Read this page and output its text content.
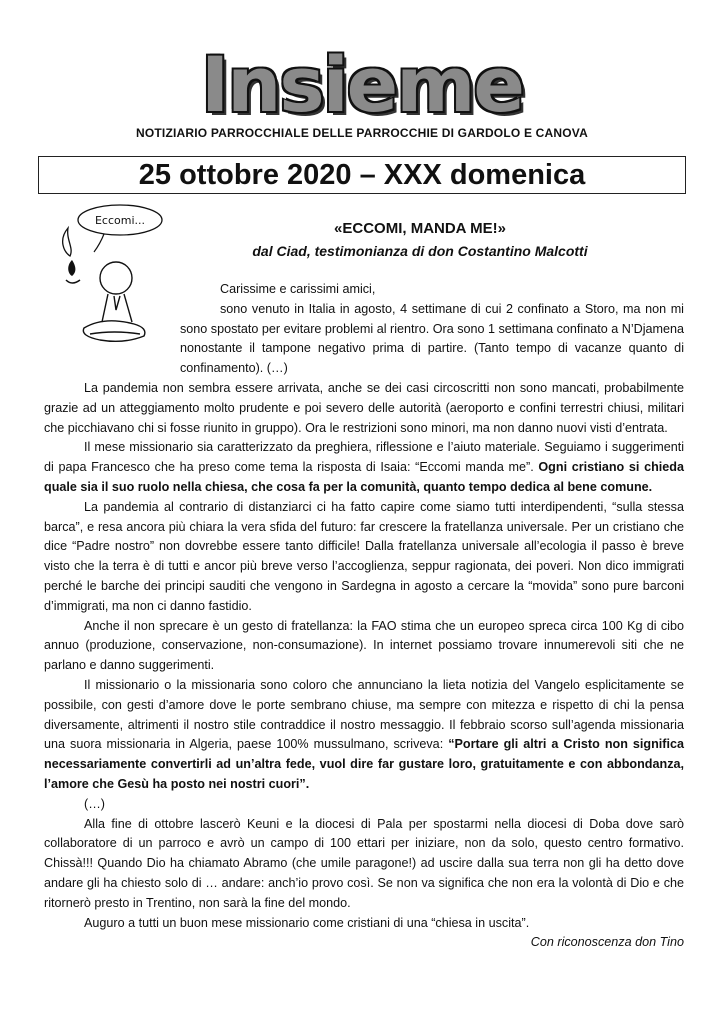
Insieme
NOTIZIARIO PARROCCHIALE DELLE PARROCCHIE DI GARDOLO E CANOVA
25 ottobre 2020 – XXX domenica
Eccomi...	«ECCOMI, MANDA ME!»
dal Ciad, testimonianza di don Costantino Malcotti

Carissime e carissimi amici,

sono venuto in Italia in agosto, 4 settimane di cui 2 confinato a Storo, ma non mi sono spostato per evitare problemi al rientro. Ora sono 1 settimana confinato a N’Djamena nonostante il tampone negativo prima di partire. (Tanto tempo di vacanze quanto di confinamento). (…)

La pandemia non sembra essere arrivata, anche se dei casi circoscritti non sono mancati, probabilmente grazie ad un atteggiamento molto prudente e poi severo delle autorità (aeroporto e confini terrestri chiusi, militari che picchiavano chi si fosse riunito in gruppo). Ora le restrizioni sono minori, ma non danno nuovi visti d’entrata.

Il mese missionario sia caratterizzato da preghiera, riflessione e l’aiuto materiale. Seguiamo i suggerimenti di papa Francesco che ha preso come tema la risposta di Isaia: “Eccomi manda me”. Ogni cristiano si chieda quale sia il suo ruolo nella chiesa, che cosa fa per la comunità, quanto tempo dedica al bene comune.

La pandemia al contrario di distanziarci ci ha fatto capire come siamo tutti interdipendenti, “sulla stessa barca”, e resa ancora più chiara la vera sfida del futuro: far crescere la fratellanza universale. Per un cristiano che dice “Padre nostro” non dovrebbe essere tanto difficile! Dalla fratellanza universale all’ecologia il passo è breve visto che la terra è di tutti e ancor più breve verso l’accoglienza, seppur ragionata, dei poveri. Non dico immigrati perché le barche dei principi sauditi che vengono in Sardegna in agosto a cercare la “movida” sono pure barconi d’immigrati, ma non ci danno fastidio.

Anche il non sprecare è un gesto di fratellanza: la FAO stima che un europeo spreca circa 100 Kg di cibo annuo (produzione, conservazione, non-consumazione). In internet possiamo trovare innumerevoli siti che ne parlano e danno suggerimenti.

Il missionario o la missionaria sono coloro che annunciano la lieta notizia del Vangelo esplicitamente se possibile, con gesti d’amore dove le porte sembrano chiuse, ma sempre con mitezza e rispetto di chi la pensa diversamente, altrimenti il nostro stile contraddice il nostro messaggio. Il febbraio scorso sull’agenda missionaria una suora missionaria in Algeria, paese 100% mussulmano, scriveva: “Portare gli altri a Cristo non significa necessariamente convertirli ad un’altra fede, vuol dire far gustare loro, gratuitamente e con abbondanza, l’amore che Gesù ha posto nei nostri cuori”.

(…)

Alla fine di ottobre lascerò Keuni e la diocesi di Pala per spostarmi nella diocesi di Doba dove sarò collaboratore di un parroco e avrò un campo di 100 ettari per iniziare, non da solo, questo centro formativo. Chissà!!! Quando Dio ha chiamato Abramo (che umile paragone!) ad uscire dalla sua terra non gli ha detto dove andare gli ha chiesto solo di … andare: anch’io provo così. Se non va significa che non era la volontà di Dio e che ritornerò presto in Trentino, non sarà la fine del mondo.

Auguro a tutti un buon mese missionario come cristiani di una “chiesa in uscita”.

Con riconoscenza don Tino
